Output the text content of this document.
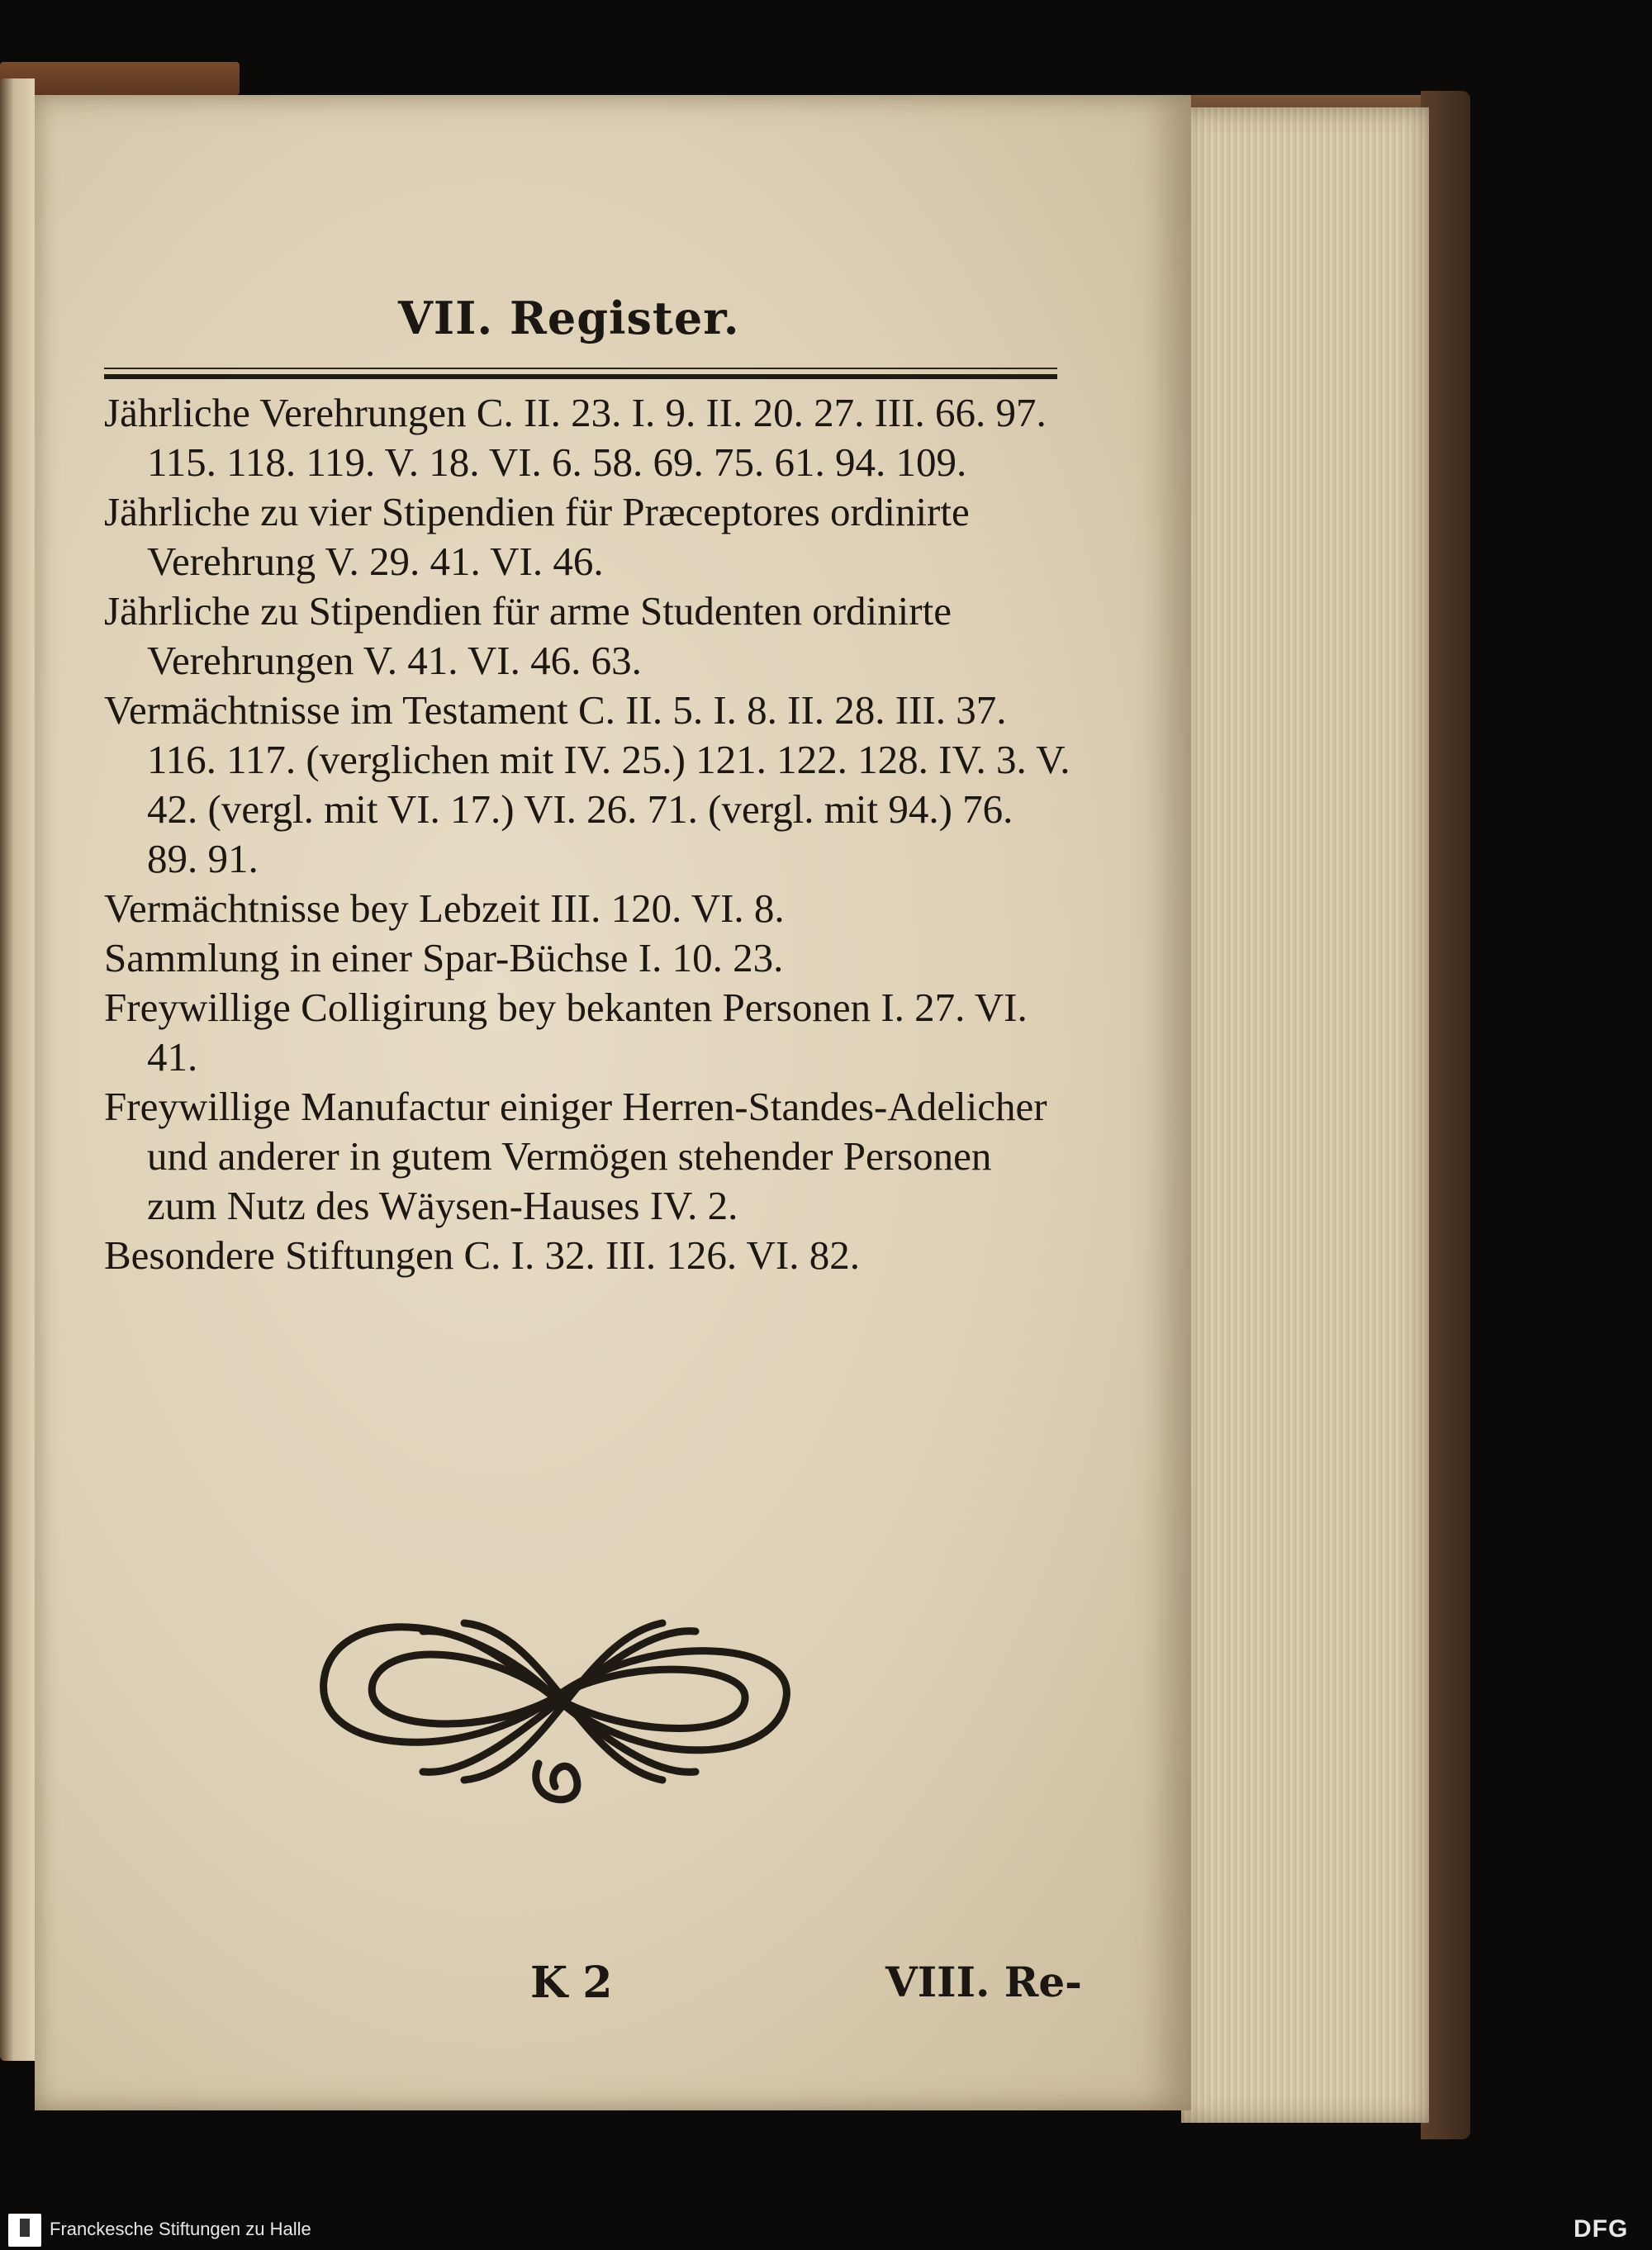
VII. Register.

Jährliche Verehrungen C. II. 23. I. 9. II. 20. 27. III. 66. 97. 115. 118. 119. V. 18. VI. 6. 58. 69. 75. 61. 94. 109.

Jährliche zu vier Stipendien für Præceptores ordinirte Verehrung V. 29. 41. VI. 46.

Jährliche zu Stipendien für arme Studenten ordinirte Verehrungen V. 41. VI. 46. 63.

Vermächtnisse im Testament C. II. 5. I. 8. II. 28. III. 37. 116. 117. (verglichen mit IV. 25.) 121. 122. 128. IV. 3. V. 42. (vergl. mit VI. 17.) VI. 26. 71. (vergl. mit 94.) 76. 89. 91.

Vermächtnisse bey Lebzeit III. 120. VI. 8.

Sammlung in einer Spar-Büchse I. 10. 23.

Freywillige Colligirung bey bekanten Personen I. 27. VI. 41.

Freywillige Manufactur einiger Herren-Standes-Adelicher und anderer in gutem Vermögen stehender Personen zum Nutz des Wäysen-Hauses IV. 2.

Besondere Stiftungen C. I. 32. III. 126. VI. 82.

K 2	VIII. Re-
Franckesche Stiftungen zu Halle	DFG
